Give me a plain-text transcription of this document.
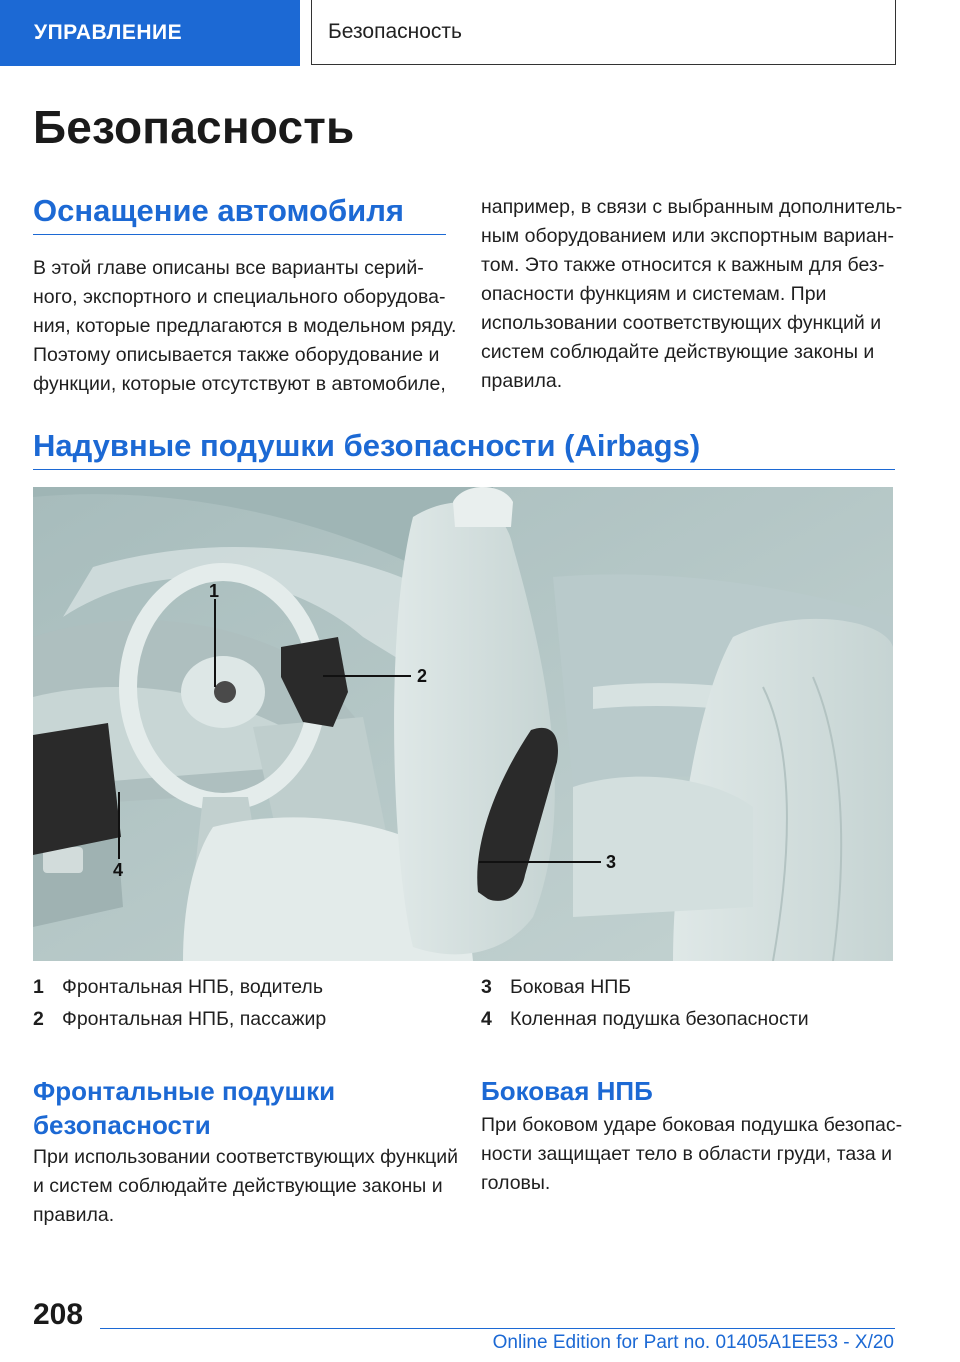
УПРАВЛЕНИЕ	Безопасность
Безопасность
Оснащение автомобиля
В этой главе описаны все варианты серий-
ного, экспортного и специального оборудова-
ния, которые предлагаются в модельном ряду.
Поэтому описывается также оборудование и
функции, которые отсутствуют в автомобиле,
например, в связи с выбранным дополнитель-
ным оборудованием или экспортным вариан-
том. Это также относится к важным для без-
опасности функциям и системам. При
использовании соответствующих функций и
систем соблюдайте действующие законы и
правила.
Надувные подушки безопасности (Airbags)
1
2
3
4
1 Фронтальная НПБ, водитель
2 Фронтальная НПБ, пассажир
3 Боковая НПБ
4 Коленная подушка безопасности
Фронтальные подушки
безопасности
При использовании соответствующих функций
и систем соблюдайте действующие законы и
правила.
Боковая НПБ
При боковом ударе боковая подушка безопас-
ности защищает тело в области груди, таза и
головы.
208
Online Edition for Part no. 01405A1EE53 - X/20
